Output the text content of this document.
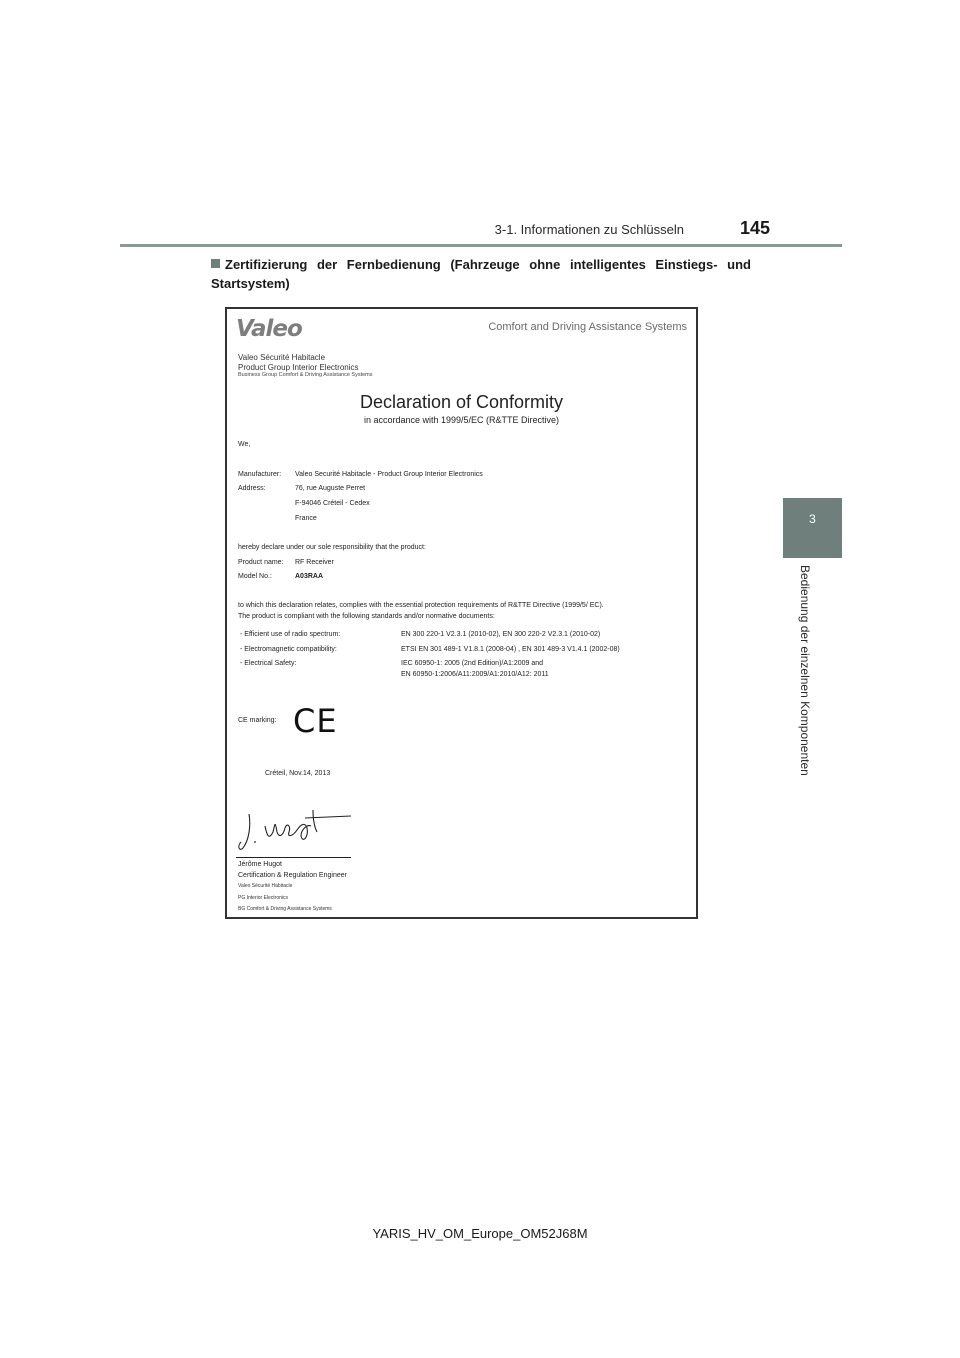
3-1. Informationen zu Schlüsseln	145
3
Bedienung der einzelnen Komponenten
Zertifizierung der Fernbedienung (Fahrzeuge ohne intelligentes Einstiegs- und Startsystem)
Valeo	Comfort and Driving Assistance Systems
Valeo Sécurité Habitacle
Product Group Interior Electronics
Business Group Comfort & Driving Assistance Systems
Declaration of Conformity
in accordance with 1999/5/EC (R&TTE Directive)
We,
Manufacturer: Valeo Securité Habitacle - Product Group Interior Electronics
Address:	76, rue Auguste Perret
F-94046 Créteil - Cedex
France
hereby declare under our sole responsibility that the product:
Product name: RF Receiver
Model No.:	A03RAA
to which this declaration relates, complies with the essential protection requirements of R&TTE Directive (1999/5/ EC).
The product is compliant with the following standards and/or normative documents:
- Efficient use of radio spectrum:	EN 300 220-1 V2.3.1 (2010-02), EN 300 220-2 V2.3.1 (2010-02)
- Electromagnetic compatibility:	ETSI EN 301 489-1 V1.8.1 (2008-04) , EN 301 489-3 V1.4.1 (2002-08)
- Electrical Safety:	IEC 60950-1: 2005 (2nd Edition)/A1:2009 and
EN 60950-1:2006/A11:2009/A1:2010/A12: 2011
CE marking: CE
Créteil, Nov.14, 2013
Jérôme Hugot
Certification & Regulation Engineer
Valeo Sécurité Habitacle
PG Interior Electronics
BG Comfort & Driving Assistance Systems
YARIS_HV_OM_Europe_OM52J68M
